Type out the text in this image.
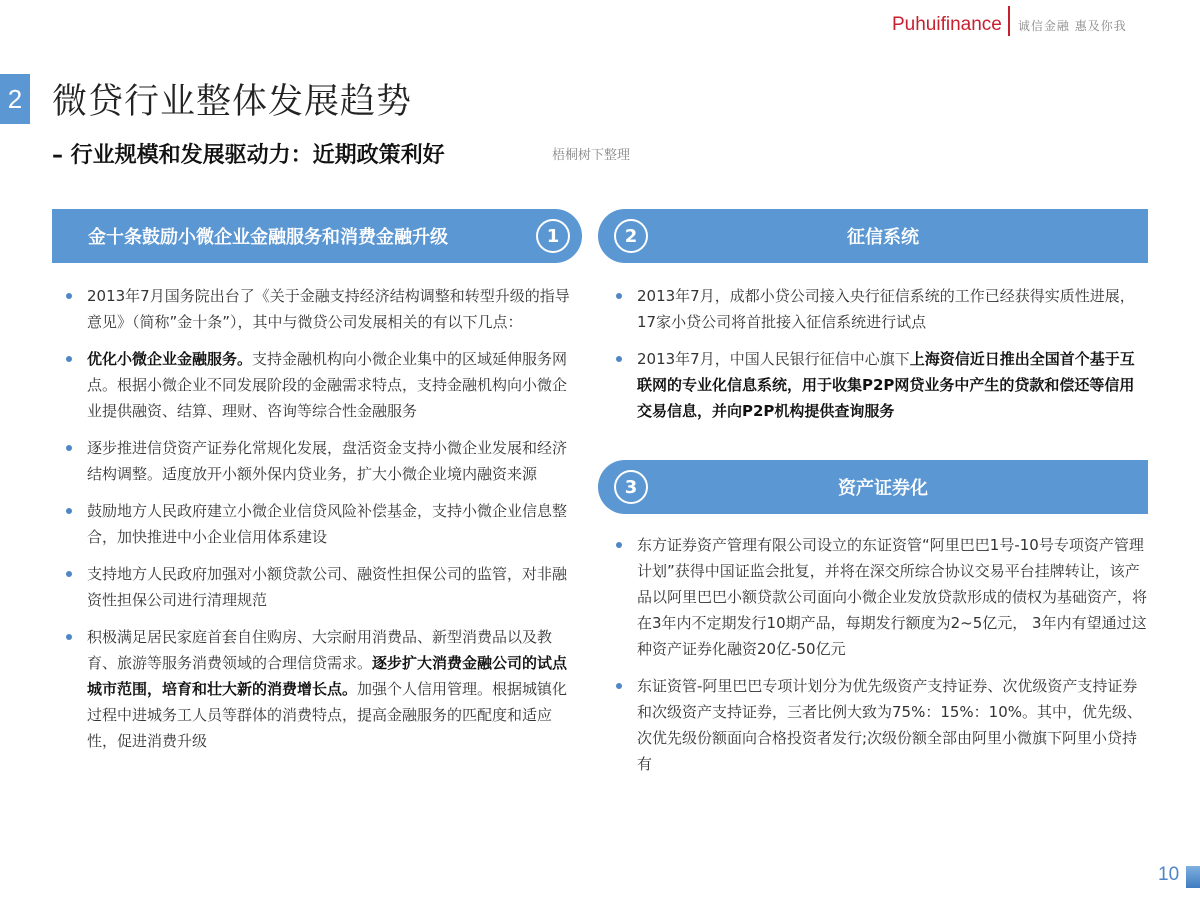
Puhuifinance 诚信金融 惠及你我
2 微贷行业整体发展趋势
– 行业规模和发展驱动力：近期政策利好	梧桐树下整理
金十条鼓励小微企业金融服务和消费金融升级	1
2013年7月国务院出台了《关于金融支持经济结构调整和转型升级的指导意见》（简称”金十条”），其中与微贷公司发展相关的有以下几点：
优化小微企业金融服务。支持金融机构向小微企业集中的区域延伸服务网点。根据小微企业不同发展阶段的金融需求特点，支持金融机构向小微企业提供融资、结算、理财、咨询等综合性金融服务
逐步推进信贷资产证券化常规化发展，盘活资金支持小微企业发展和经济结构调整。适度放开小额外保内贷业务，扩大小微企业境内融资来源
鼓励地方人民政府建立小微企业信贷风险补偿基金，支持小微企业信息整合，加快推进中小企业信用体系建设
支持地方人民政府加强对小额贷款公司、融资性担保公司的监管，对非融资性担保公司进行清理规范
积极满足居民家庭首套自住购房、大宗耐用消费品、新型消费品以及教育、旅游等服务消费领域的合理信贷需求。逐步扩大消费金融公司的试点城市范围，培育和壮大新的消费增长点。加强个人信用管理。根据城镇化过程中进城务工人员等群体的消费特点，提高金融服务的匹配度和适应性，促进消费升级
2	征信系统
2013年7月，成都小贷公司接入央行征信系统的工作已经获得实质性进展，17家小贷公司将首批接入征信系统进行试点
2013年7月，中国人民银行征信中心旗下上海资信近日推出全国首个基于互联网的专业化信息系统，用于收集P2P网贷业务中产生的贷款和偿还等信用交易信息，并向P2P机构提供查询服务
3	资产证券化
东方证券资产管理有限公司设立的东证资管“阿里巴巴1号-10号专项资产管理计划”获得中国证监会批复，并将在深交所综合协议交易平台挂牌转让，该产品以阿里巴巴小额贷款公司面向小微企业发放贷款形成的债权为基础资产，将在3年内不定期发行10期产品，每期发行额度为2~5亿元， 3年内有望通过这种资产证券化融资20亿-50亿元
东证资管-阿里巴巴专项计划分为优先级资产支持证券、次优级资产支持证券和次级资产支持证券，三者比例大致为75%：15%：10%。其中，优先级、次优先级份额面向合格投资者发行;次级份额全部由阿里小微旗下阿里小贷持有
10
